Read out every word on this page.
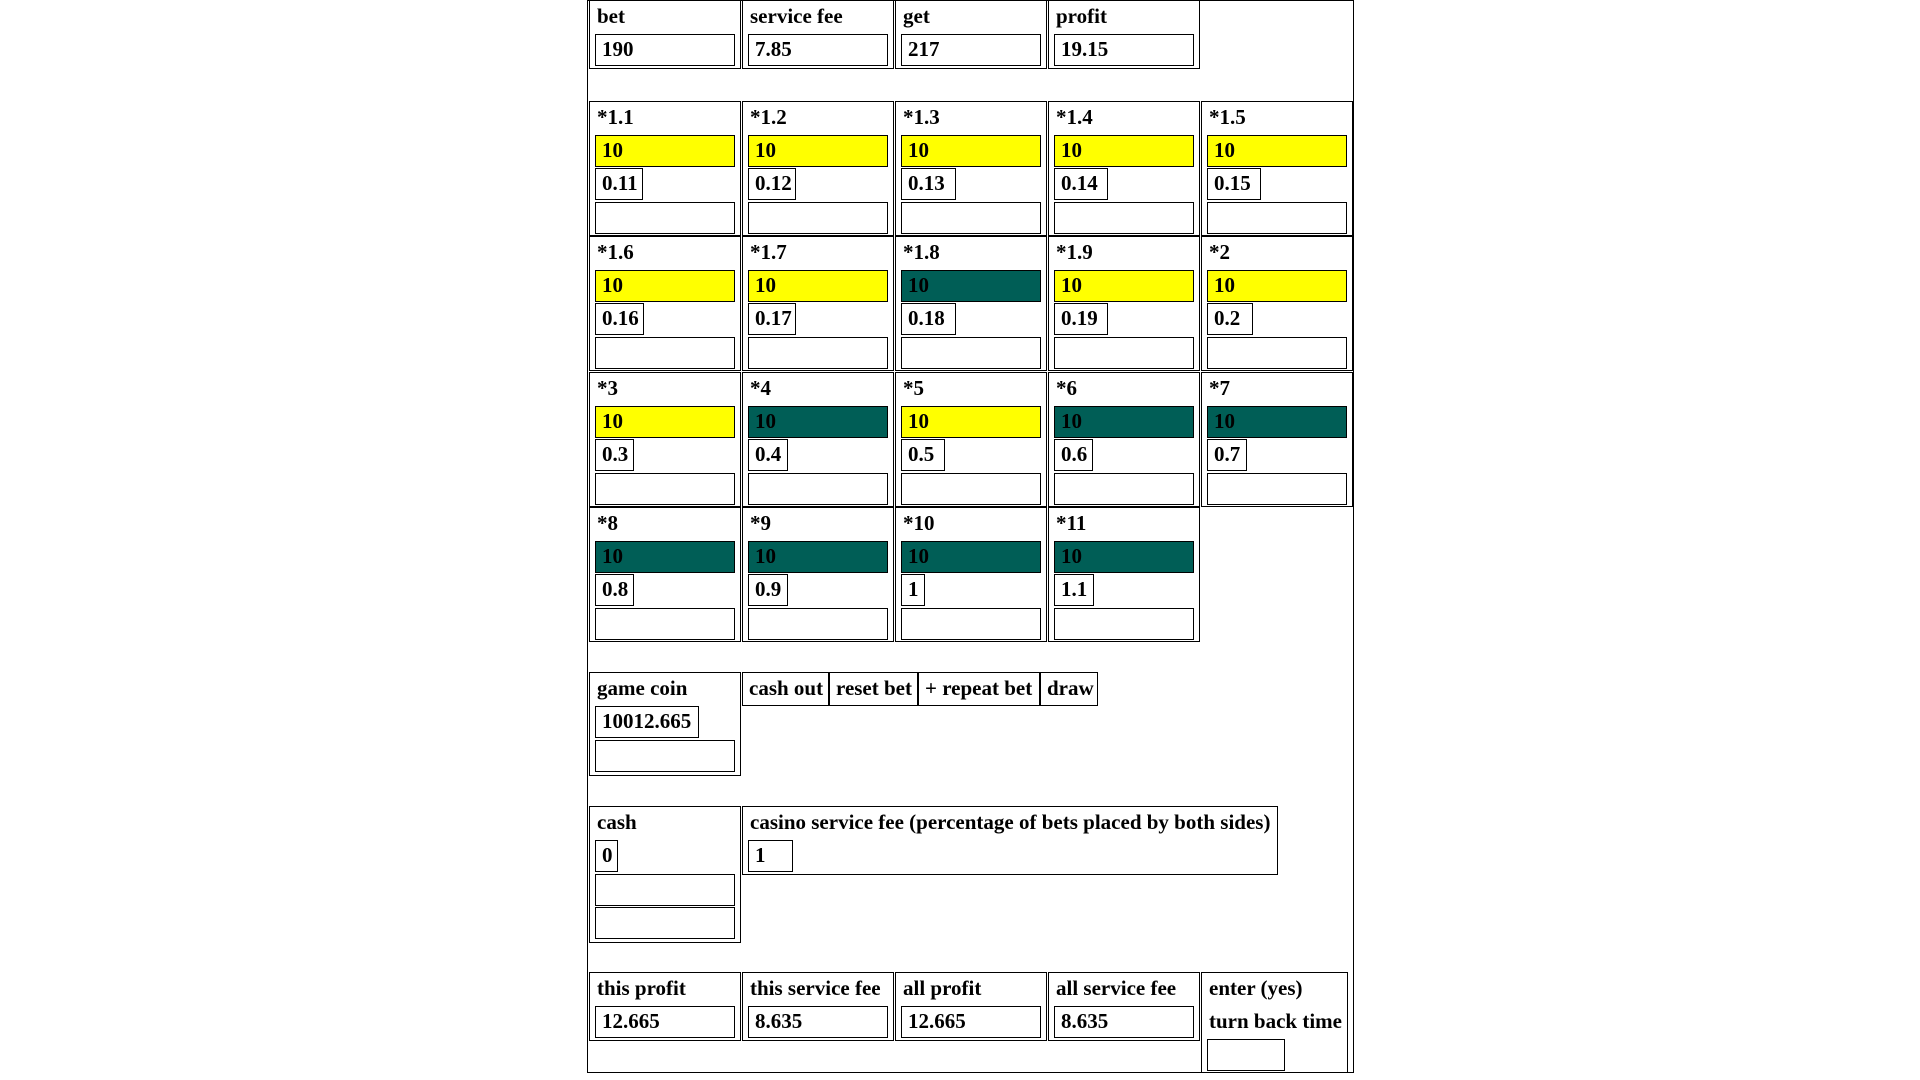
bet
190
service fee
7.85
get
217
profit
19.15
*1.1
10
0.11
*1.2
10
0.12
*1.3
10
0.13
*1.4
10
0.14
*1.5
10
0.15
*1.6
10
0.16
*1.7
10
0.17
*1.8
10
0.18
*1.9
10
0.19
*2
10
0.2
*3
10
0.3
*4
10
0.4
*5
10
0.5
*6
10
0.6
*7
10
0.7
*8
10
0.8
*9
10
0.9
*10
10
1
*11
10
1.1
game coin
10012.665
cash out reset bet + repeat bet draw
cash
0
casino service fee (percentage of bets placed by both sides)
1
this profit
12.665
this service fee
8.635
all profit
12.665
all service fee
8.635
enter (yes)
turn back time
